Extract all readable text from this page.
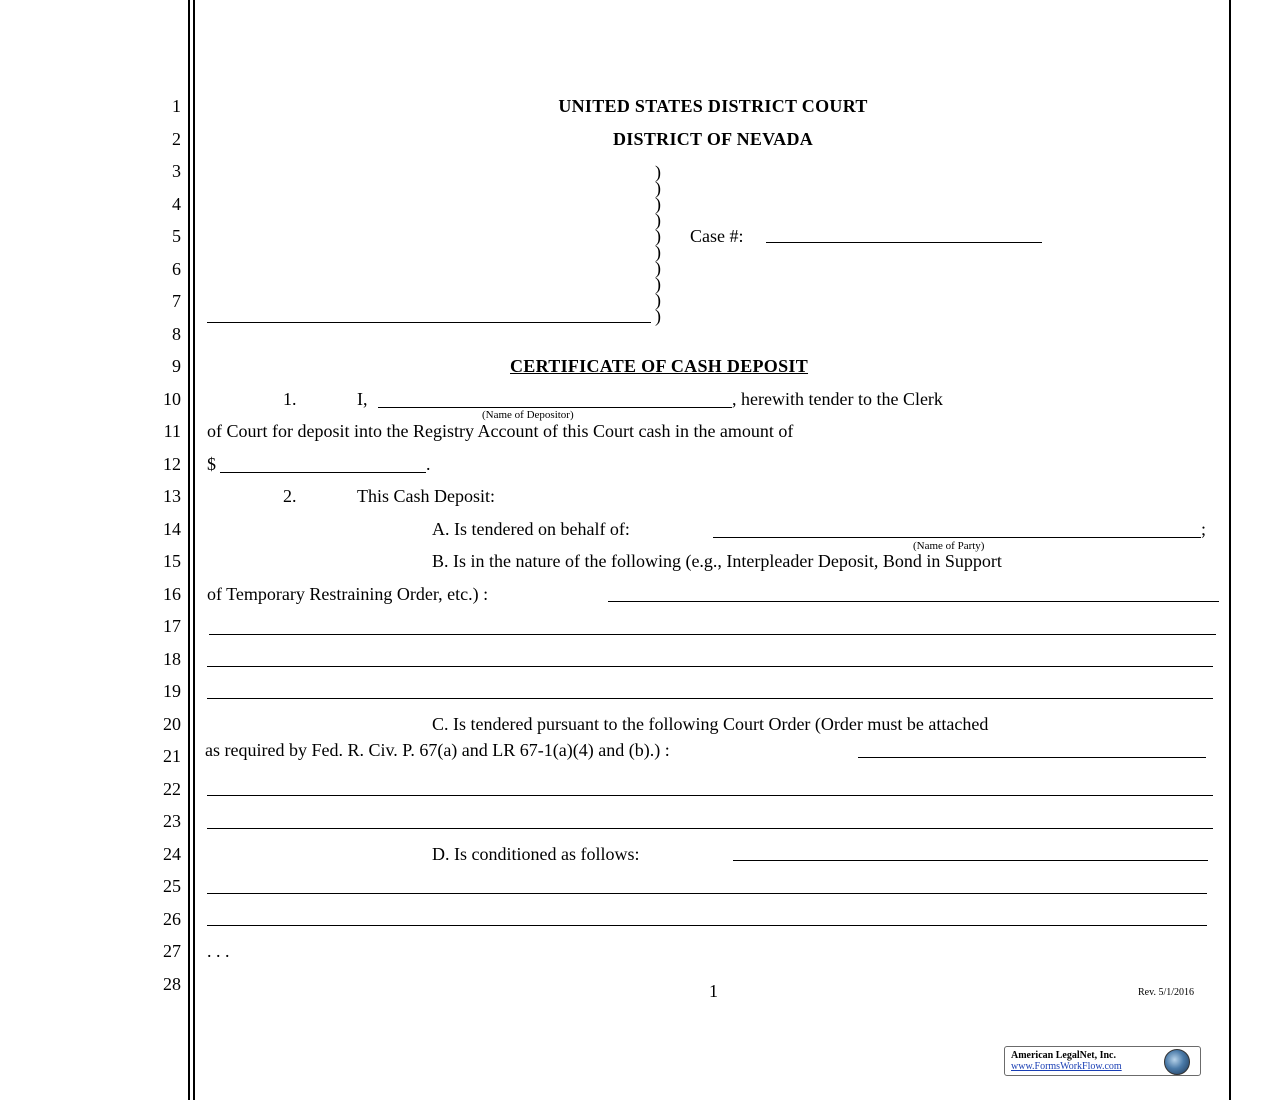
1
2
3
4
5
6
7
8
9
10
11
12
13
14
15
16
17
18
19
20
21
22
23
24
25
26
27
28
UNITED STATES DISTRICT COURT
DISTRICT OF NEVADA
)
)
)
)
)
)
)
)
)
)
Case #:
CERTIFICATE OF CASH DEPOSIT
1.	I,
(Name of Depositor)
, herewith tender to the Clerk
of Court for deposit into the Registry Account of this Court cash in the amount of
$	.
2.	This Cash Deposit:
A. Is tendered on behalf of:	;
(Name of Party)
B. Is in the nature of the following (e.g., Interpleader Deposit, Bond in Support
of Temporary Restraining Order, etc.) :
C. Is tendered pursuant to the following Court Order (Order must be attached
as required by Fed. R. Civ. P. 67(a) and LR 67-1(a)(4) and (b).) :
D. Is conditioned as follows:
. . .
1	Rev. 5/1/2016
American LegalNet, Inc.
www.FormsWorkFlow.com
